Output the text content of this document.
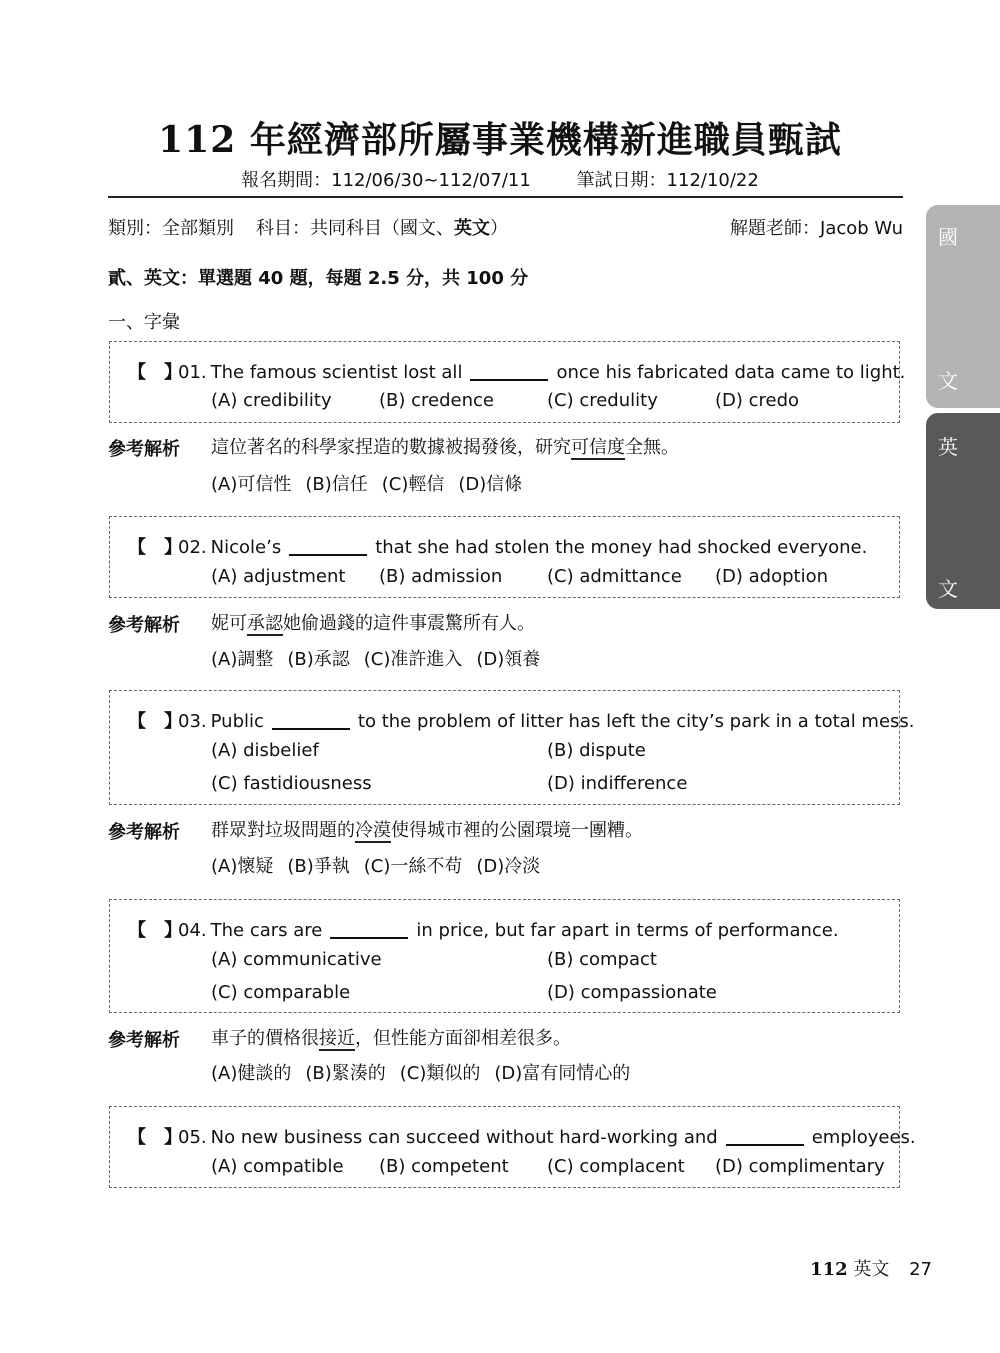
112 年經濟部所屬事業機構新進職員甄試
報名期間：112/06/30~112/07/11	筆試日期：112/10/22
類別：全部類別 科目：共同科目（國文、英文）	解題老師：Jacob Wu
貳、英文：單選題 40 題，每題 2.5 分，共 100 分
一、字彙
【　】01. The famous scientist lost all	once his fabricated data came to light.
(A) credibility	(B) credence	(C) credulity	(D) credo
參考解析 這位著名的科學家捏造的數據被揭發後，研究可信度全無。
(A)可信性 (B)信任 (C)輕信 (D)信條
【　】02. Nicole’s	that she had stolen the money had shocked everyone.
(A) adjustment (B) admission (C) admittance (D) adoption
參考解析 妮可承認她偷過錢的這件事震驚所有人。
(A)調整 (B)承認 (C)准許進入 (D)領養
【　】03. Public	to the problem of litter has left the city’s park in a total mess.
(A) disbelief	(B) dispute
(C) fastidiousness	(D) indifference
參考解析 群眾對垃圾問題的冷漠使得城市裡的公園環境一團糟。
(A)懷疑 (B)爭執 (C)一絲不苟 (D)冷淡
【　】04. The cars are	in price, but far apart in terms of performance.
(A) communicative	(B) compact
(C) comparable	(D) compassionate
參考解析 車子的價格很接近，但性能方面卻相差很多。
(A)健談的 (B)緊湊的 (C)類似的 (D)富有同情心的
【　】05. No new business can succeed without hard-working and	employees.
(A) compatible (B) competent (C) complacent (D) complimentary
國
文
英
文
112 英文 27
